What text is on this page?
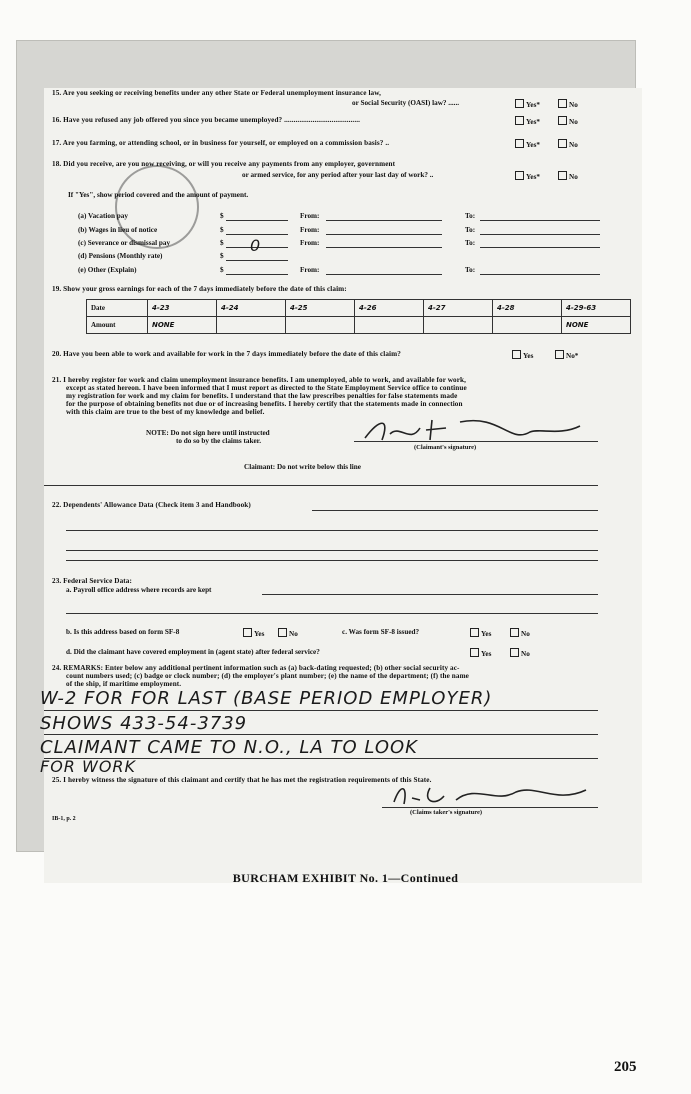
15. Are you seeking or receiving benefits under any other State or Federal unemployment insurance law,
or Social Security (OASI) law? ......	Yes*	No
16. Have you refused any job offered you since you became unemployed? ........................................	Yes*	No
17. Are you farming, or attending school, or in business for yourself, or employed on a commission basis? ..	Yes*	No
18. Did you receive, are you now receiving, or will you receive any payments from any employer, government
or armed service, for any period after your last day of work? ..	Yes*	No
If "Yes", show period covered and the amount of payment.
(a) Vacation pay	$	From:	To:
(b) Wages in lieu of notice	$	From:	To:
(c) Severance or dismissal pay	$	From:	To:
(d) Pensions (Monthly rate)	$
0
(e) Other (Explain)	$	From:	To:
19. Show your gross earnings for each of the 7 days immediately before the date of this claim:
Date	4-23	4-24	4-25	4-26	4-27	4-28	4-29-63
Amount	NONE						NONE
20. Have you been able to work and available for work in the 7 days immediately before the date of this claim?	Yes	No*
21. I hereby register for work and claim unemployment insurance benefits. I am unemployed, able to work, and available for work,
except as stated hereon. I have been informed that I must report as directed to the State Employment Service office to continue
my registration for work and my claim for benefits. I understand that the law prescribes penalties for false statements made
for the purpose of obtaining benefits not due or of increasing benefits. I hereby certify that the statements made in connection
with this claim are true to the best of my knowledge and belief.
NOTE: Do not sign here until instructed
to do so by the claims taker.
(Claimant's signature)
Claimant: Do not write below this line
22. Dependents' Allowance Data (Check item 3 and Handbook)
23. Federal Service Data:
a. Payroll office address where records are kept
b. Is this address based on form SF-8	Yes	No	c. Was form SF-8 issued?	Yes	No
d. Did the claimant have covered employment in (agent state) after federal service?	Yes	No
24. REMARKS: Enter below any additional pertinent information such as (a) back-dating requested; (b) other social security ac-
count numbers used; (c) badge or clock number; (d) the employer's plant number; (e) the name of the department; (f) the name
of the ship, if maritime employment.
W-2 FOR FOR LAST (BASE PERIOD EMPLOYER)
SHOWS 433-54-3739
CLAIMANT CAME TO N.O., LA TO LOOK
FOR WORK
25. I hereby witness the signature of this claimant and certify that he has met the registration requirements of this State.
(Claims taker's signature)
IB-1, p. 2
BURCHAM EXHIBIT No. 1—Continued
205
